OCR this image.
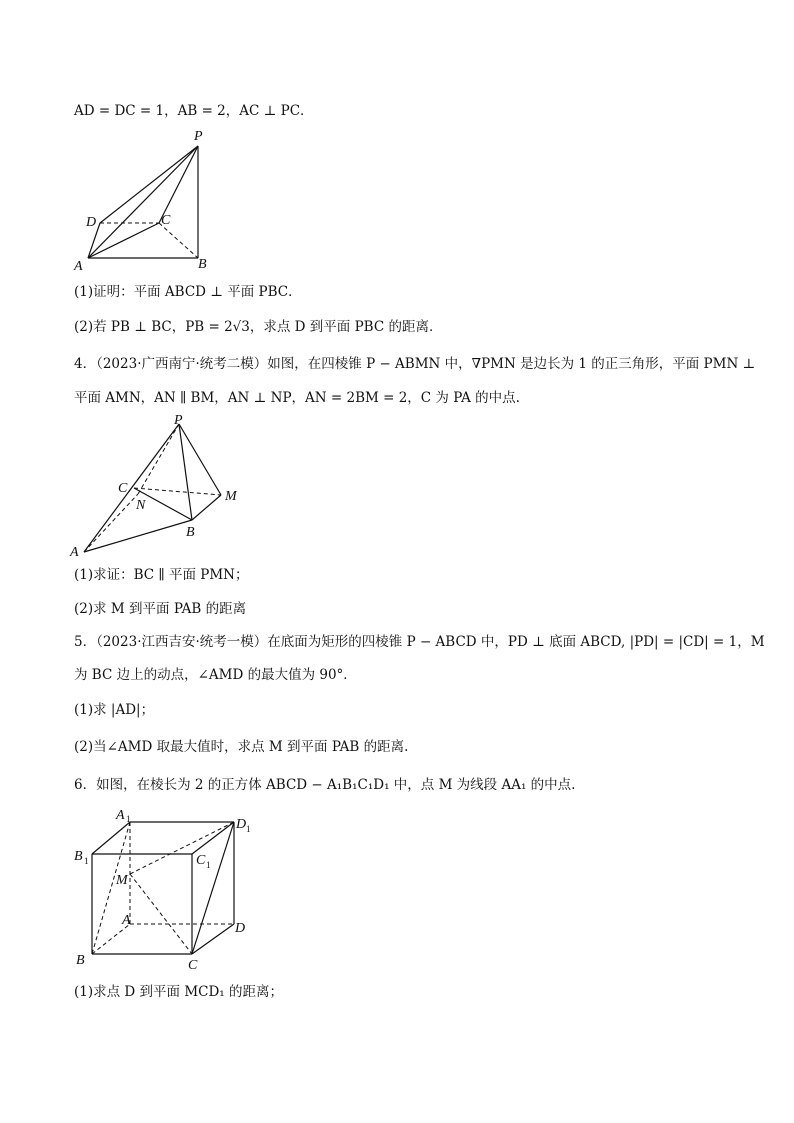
AD = DC = 1，AB = 2，AC ⊥ PC．
(1)证明：平面 ABCD ⊥ 平面 PBC．
(2)若 PB ⊥ BC，PB = 2√3，求点 D 到平面 PBC 的距离．
4．（2023·广西南宁·统考二模）如图，在四棱锥 P − ABMN 中，∇PMN 是边长为 1 的正三角形，平面 PMN ⊥
平面 AMN，AN ∥ BM，AN ⊥ NP，AN = 2BM = 2，C 为 PA 的中点.
(1)求证：BC ∥ 平面 PMN；
(2)求 M 到平面 PAB 的距离
5．（2023·江西吉安·统考一模）在底面为矩形的四棱锥 P − ABCD 中，PD ⊥ 底面 ABCD, |PD| = |CD| = 1，M
为 BC 边上的动点，∠AMD 的最大值为 90°．
(1)求 |AD|；
(2)当∠AMD 取最大值时，求点 M 到平面 PAB 的距离.
6．如图，在棱长为 2 的正方体 ABCD − A₁B₁C₁D₁ 中，点 M 为线段 AA₁ 的中点.
(1)求点 D 到平面 MCD₁ 的距离；
P
D	C
A	B
P
C
N
M
B
A
A 1	D 1
B 1	C 1
M
A
D
B	C
